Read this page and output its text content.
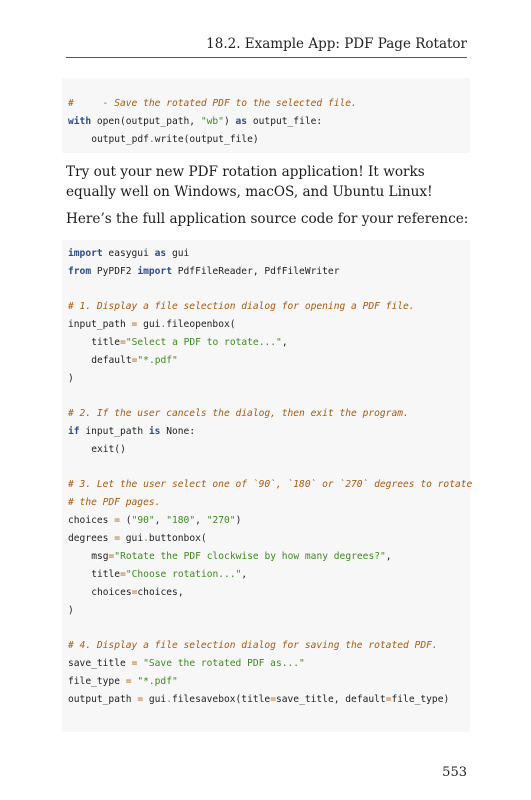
18.2. Example App: PDF Page Rotator
#     - Save the rotated PDF to the selected file.
with open(output_path, "wb") as output_file:
output_pdf.write(output_file)
Try out your new PDF rotation application! It works equally well on Windows, macOS, and Ubuntu Linux!
Here’s the full application source code for your reference:
import easygui as gui
from PyPDF2 import PdfFileReader, PdfFileWriter
# 1. Display a file selection dialog for opening a PDF file.
input_path = gui.fileopenbox(
title="Select a PDF to rotate...",
default="*.pdf"
)
# 2. If the user cancels the dialog, then exit the program.
if input_path is None:
exit()
# 3. Let the user select one of `90`, `180` or `270` degrees to rotate
# the PDF pages.
choices = ("90", "180", "270")
degrees = gui.buttonbox(
msg="Rotate the PDF clockwise by how many degrees?",
title="Choose rotation...",
choices=choices,
)
# 4. Display a file selection dialog for saving the rotated PDF.
save_title = "Save the rotated PDF as..."
file_type = "*.pdf"
output_path = gui.filesavebox(title=save_title, default=file_type)
553
